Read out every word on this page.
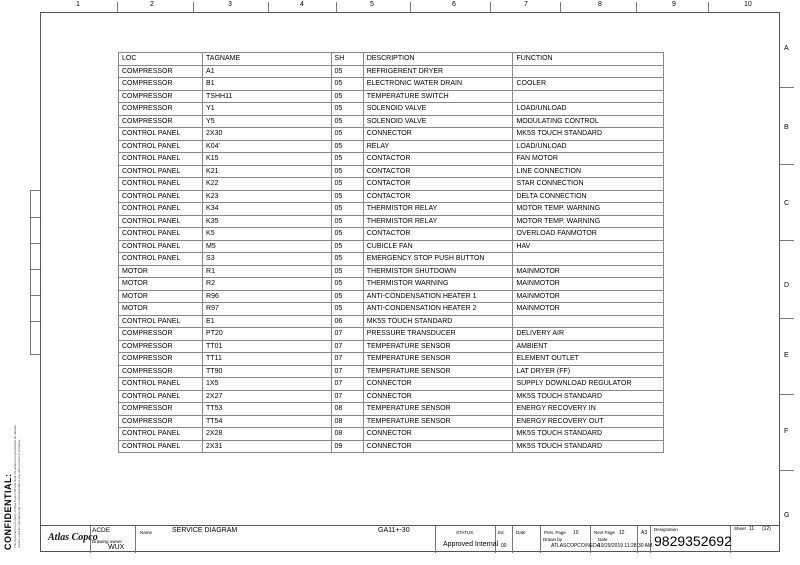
1	2	3	4	5	6	7	8	9	10
A
B
C
D
E
F
G
CONFIDENTIAL: This document is property of Atlas Copco AB and shall not without our permission be altered, copied, used for manufacturing or communicated to any other person or company.
LOC	TAGNAME	SH	DESCRIPTION	FUNCTION
COMPRESSOR	A1	05	REFRIGERENT DRYER	
COMPRESSOR	B1	05	ELECTRONIC WATER DRAIN	COOLER
COMPRESSOR	TSHH11	05	TEMPERATURE SWITCH	
COMPRESSOR	Y1	05	SOLENOID VALVE	LOAD/UNLOAD
COMPRESSOR	Y5	05	SOLENOID VALVE	MODULATING CONTROL
CONTROL PANEL	2X30	05	CONNECTOR	MK5S TOUCH STANDARD
CONTROL PANEL	K04'	05	RELAY	LOAD/UNLOAD
CONTROL PANEL	K15	05	CONTACTOR	FAN MOTOR
CONTROL PANEL	K21	05	CONTACTOR	LINE CONNECTION
CONTROL PANEL	K22	05	CONTACTOR	STAR CONNECTION
CONTROL PANEL	K23	05	CONTACTOR	DELTA CONNECTION
CONTROL PANEL	K34	05	THERMISTOR RELAY	MOTOR TEMP. WARNING
CONTROL PANEL	K35	05	THERMISTOR RELAY	MOTOR TEMP. WARNING
CONTROL PANEL	K5	05	CONTACTOR	OVERLOAD FANMOTOR
CONTROL PANEL	M5	05	CUBICLE FAN	HAV
CONTROL PANEL	S3	05	EMERGENCY STOP PUSH BUTTON	
MOTOR	R1	05	THERMISTOR SHUTDOWN	MAINMOTOR
MOTOR	R2	05	THERMISTOR WARNING	MAINMOTOR
MOTOR	R96	05	ANTI-CONDENSATION HEATER 1	MAINMOTOR
MOTOR	R97	05	ANTI-CONDENSATION HEATER 2	MAINMOTOR
CONTROL PANEL	E1	06	MK5S TOUCH STANDARD	
COMPRESSOR	PT20	07	PRESSURE TRANSDUCER	DELIVERY AIR
COMPRESSOR	TT01	07	TEMPERATURE SENSOR	AMBIENT
COMPRESSOR	TT11	07	TEMPERATURE SENSOR	ELEMENT OUTLET
COMPRESSOR	TT90	07	TEMPERATURE SENSOR	LAT DRYER (FF)
CONTROL PANEL	1X5	07	CONNECTOR	SUPPLY DOWNLOAD REGULATOR
CONTROL PANEL	2X27	07	CONNECTOR	MK5S TOUCH STANDARD
COMPRESSOR	TT53	08	TEMPERATURE SENSOR	ENERGY RECOVERY IN
COMPRESSOR	TT54	08	TEMPERATURE SENSOR	ENERGY RECOVERY OUT
CONTROL PANEL	2X28	08	CONNECTOR	MK5S TOUCH STANDARD
CONTROL PANEL	2X31	09	CONNECTOR	MK5S TOUCH STANDARD
Atlas Copco
ACDE
Drawing owner
WUX
Name	SERVICE DIAGRAM	GA11+-30	STATUS
Approved Internal
Ed.
00
Date	Prev. Page 10	Next Page 12	A3
Drawn by
ATLASCOPCO\NEDA
Date
10/29/2019 11:28:30 AM
Designation
9829352692
Sheet 11 (12)
